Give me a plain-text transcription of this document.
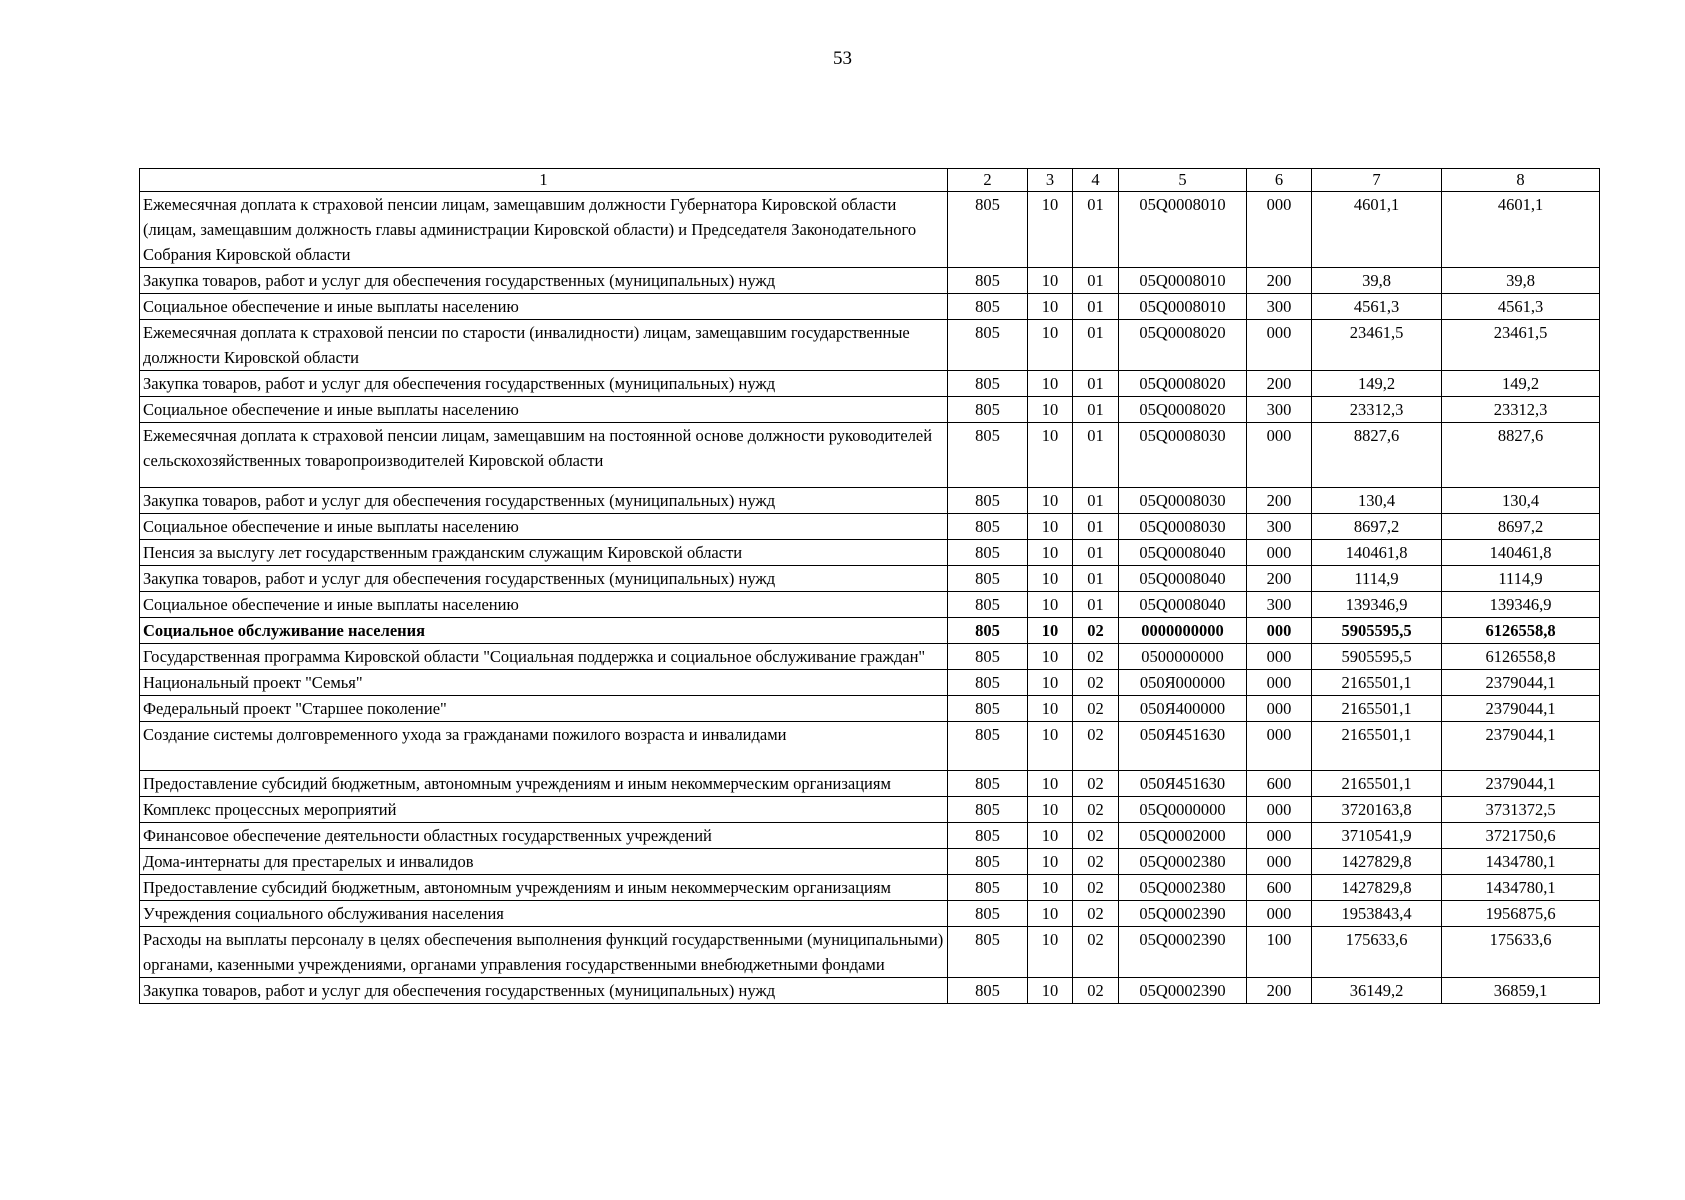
53
1	2	3	4	5	6	7	8
Ежемесячная доплата к страховой пенсии лицам, замещавшим должности Губернатора Кировской области (лицам, замещавшим должность главы администрации Кировской области) и Председателя Законодательного Собрания Кировской области	805	10	01	05Q0008010	000	4601,1	4601,1
Закупка товаров, работ и услуг для обеспечения государственных (муниципальных) нужд	805	10	01	05Q0008010	200	39,8	39,8
Социальное обеспечение и иные выплаты населению	805	10	01	05Q0008010	300	4561,3	4561,3
Ежемесячная доплата к страховой пенсии по старости (инвалидности) лицам, замещавшим государственные должности Кировской области	805	10	01	05Q0008020	000	23461,5	23461,5
Закупка товаров, работ и услуг для обеспечения государственных (муниципальных) нужд	805	10	01	05Q0008020	200	149,2	149,2
Социальное обеспечение и иные выплаты населению	805	10	01	05Q0008020	300	23312,3	23312,3
Ежемесячная доплата к страховой пенсии лицам, замещавшим на постоянной основе должности руководителей сельскохозяйственных товаропроизводителей Кировской области	805	10	01	05Q0008030	000	8827,6	8827,6
Закупка товаров, работ и услуг для обеспечения государственных (муниципальных) нужд	805	10	01	05Q0008030	200	130,4	130,4
Социальное обеспечение и иные выплаты населению	805	10	01	05Q0008030	300	8697,2	8697,2
Пенсия за выслугу лет государственным гражданским служащим Кировской области	805	10	01	05Q0008040	000	140461,8	140461,8
Закупка товаров, работ и услуг для обеспечения государственных (муниципальных) нужд	805	10	01	05Q0008040	200	1114,9	1114,9
Социальное обеспечение и иные выплаты населению	805	10	01	05Q0008040	300	139346,9	139346,9
Социальное обслуживание населения	805	10	02	0000000000	000	5905595,5	6126558,8
Государственная программа Кировской области "Социальная поддержка и социальное обслуживание граждан"	805	10	02	0500000000	000	5905595,5	6126558,8
Национальный проект "Семья"	805	10	02	050Я000000	000	2165501,1	2379044,1
Федеральный проект "Старшее поколение"	805	10	02	050Я400000	000	2165501,1	2379044,1
Создание системы долговременного ухода за гражданами пожилого возраста и инвалидами	805	10	02	050Я451630	000	2165501,1	2379044,1
Предоставление субсидий бюджетным, автономным учреждениям и иным некоммерческим организациям	805	10	02	050Я451630	600	2165501,1	2379044,1
Комплекс процессных мероприятий	805	10	02	05Q0000000	000	3720163,8	3731372,5
Финансовое обеспечение деятельности областных государственных учреждений	805	10	02	05Q0002000	000	3710541,9	3721750,6
Дома-интернаты для престарелых и инвалидов	805	10	02	05Q0002380	000	1427829,8	1434780,1
Предоставление субсидий бюджетным, автономным учреждениям и иным некоммерческим организациям	805	10	02	05Q0002380	600	1427829,8	1434780,1
Учреждения социального обслуживания населения	805	10	02	05Q0002390	000	1953843,4	1956875,6
Расходы на выплаты персоналу в целях обеспечения выполнения функций государственными (муниципальными) органами, казенными учреждениями, органами управления государственными внебюджетными фондами	805	10	02	05Q0002390	100	175633,6	175633,6
Закупка товаров, работ и услуг для обеспечения государственных (муниципальных) нужд	805	10	02	05Q0002390	200	36149,2	36859,1
